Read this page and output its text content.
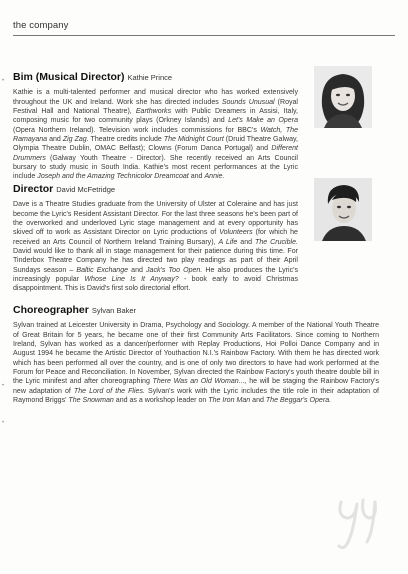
the company
Bim (Musical Director) Kathie Prince

Kathie is a multi-talented performer and musical director who has worked extensively throughout the UK and Ireland. Work she has directed includes Sounds Unusual (Royal Festival Hall and National Theatre), Earthworks with Public Dreamers in Assisi, Italy, composing music for two community plays (Orkney Islands) and Let's Make an Opera (Opera Northern Ireland). Television work includes commissions for BBC's Watch, The Ramayana and Zig Zag. Theatre credits include The Midnight Court (Druid Theatre Galway, Olympia Theatre Dublin, OMAC Belfast); Clowns (Forum Danca Portugal) and Different Drummers (Galway Youth Theatre - Director). She recently received an Arts Council bursary to study music in South India. Kathie's most recent performances at the Lyric include Joseph and the Amazing Technicolor Dreamcoat and Annie.

Director David McFetridge

Dave is a Theatre Studies graduate from the University of Ulster at Coleraine and has just become the Lyric's Resident Assistant Director. For the last three seasons he's been part of the overworked and underloved Lyric stage management and at every opportunity has skived off to work as Assistant Director on Lyric productions of Volunteers (for which he received an Arts Council of Northern Ireland Training Bursary), A Life and The Crucible. David would like to thank all in stage management for their patience during this time. For Tinderbox Theatre Company he has directed two play readings as part of their April Sundays season – Baltic Exchange and Jack's Too Open. He also produces the Lyric's increasingly popular Whose Line Is It Anyway? - book early to avoid Christmas disappointment. This is David's first solo directorial effort.

Choreographer Sylvan Baker

Sylvan trained at Leicester University in Drama, Psychology and Sociology. A member of the National Youth Theatre of Great Britain for 5 years, he became one of their first Community Arts Facilitators. Since coming to Northern Ireland, Sylvan has worked as a dancer/performer with Replay Productions, Hoi Polloi Dance Company and in August 1994 he became the Artistic Director of Youthaction N.I.'s Rainbow Factory. With them he has directed work which has been performed all over the country, and is one of only two directors to have had work performed at the Forum for Peace and Reconciliation. In November, Sylvan directed the Rainbow Factory's youth theatre double bill in the Lyric minifest and after choreographing There Was an Old Woman..., he will be staging the Rainbow Factory's new adaptation of The Lord of the Flies. Sylvan's work with the Lyric includes the title role in their adaptation of Raymond Briggs' The Snowman and as a workshop leader on The Iron Man and The Beggar's Opera.

•
•
•
